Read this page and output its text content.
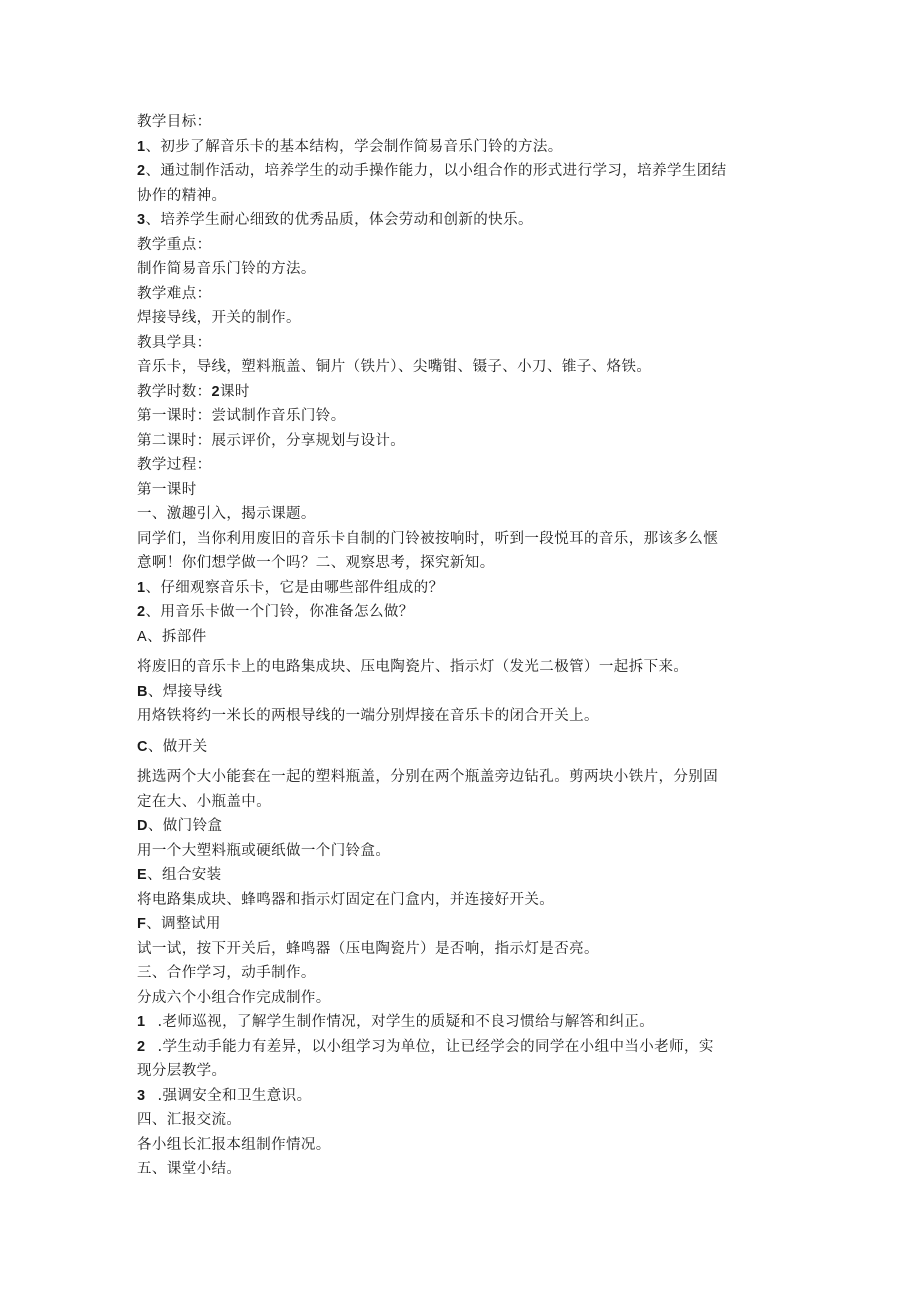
教学目标：
1、初步了解音乐卡的基本结构，学会制作简易音乐门铃的方法。
2、通过制作活动，培养学生的动手操作能力，以小组合作的形式进行学习，培养学生团结
协作的精神。
3、培养学生耐心细致的优秀品质，体会劳动和创新的快乐。
教学重点：
制作简易音乐门铃的方法。
教学难点：
焊接导线，开关的制作。
教具学具：
音乐卡，导线，塑料瓶盖、铜片（铁片）、尖嘴钳、镊子、小刀、锥子、烙铁。
教学时数：2课时
第一课时：尝试制作音乐门铃。
第二课时：展示评价，分享规划与设计。
教学过程：
第一课时
一、激趣引入，揭示课题。
同学们，当你利用废旧的音乐卡自制的门铃被按响时，听到一段悦耳的音乐，那该多么惬
意啊！你们想学做一个吗？二、观察思考，探究新知。
1、仔细观察音乐卡，它是由哪些部件组成的？
2、用音乐卡做一个门铃，你准备怎么做？
A、拆部件
将废旧的音乐卡上的电路集成块、压电陶瓷片、指示灯（发光二极管）一起拆下来。
B、焊接导线
用烙铁将约一米长的两根导线的一端分别焊接在音乐卡的闭合开关上。
C、做开关
挑选两个大小能套在一起的塑料瓶盖，分别在两个瓶盖旁边钻孔。剪两块小铁片，分别固
定在大、小瓶盖中。
D、做门铃盒
用一个大塑料瓶或硬纸做一个门铃盒。
E、组合安装
将电路集成块、蜂鸣器和指示灯固定在门盒内，并连接好开关。
F、调整试用
试一试，按下开关后，蜂鸣器（压电陶瓷片）是否响，指示灯是否亮。
三、合作学习，动手制作。
分成六个小组合作完成制作。
1 .老师巡视，了解学生制作情况，对学生的质疑和不良习惯给与解答和纠正。
2 .学生动手能力有差异，以小组学习为单位，让已经学会的同学在小组中当小老师，实
现分层教学。
3 .强调安全和卫生意识。
四、汇报交流。
各小组长汇报本组制作情况。
五、课堂小结。
